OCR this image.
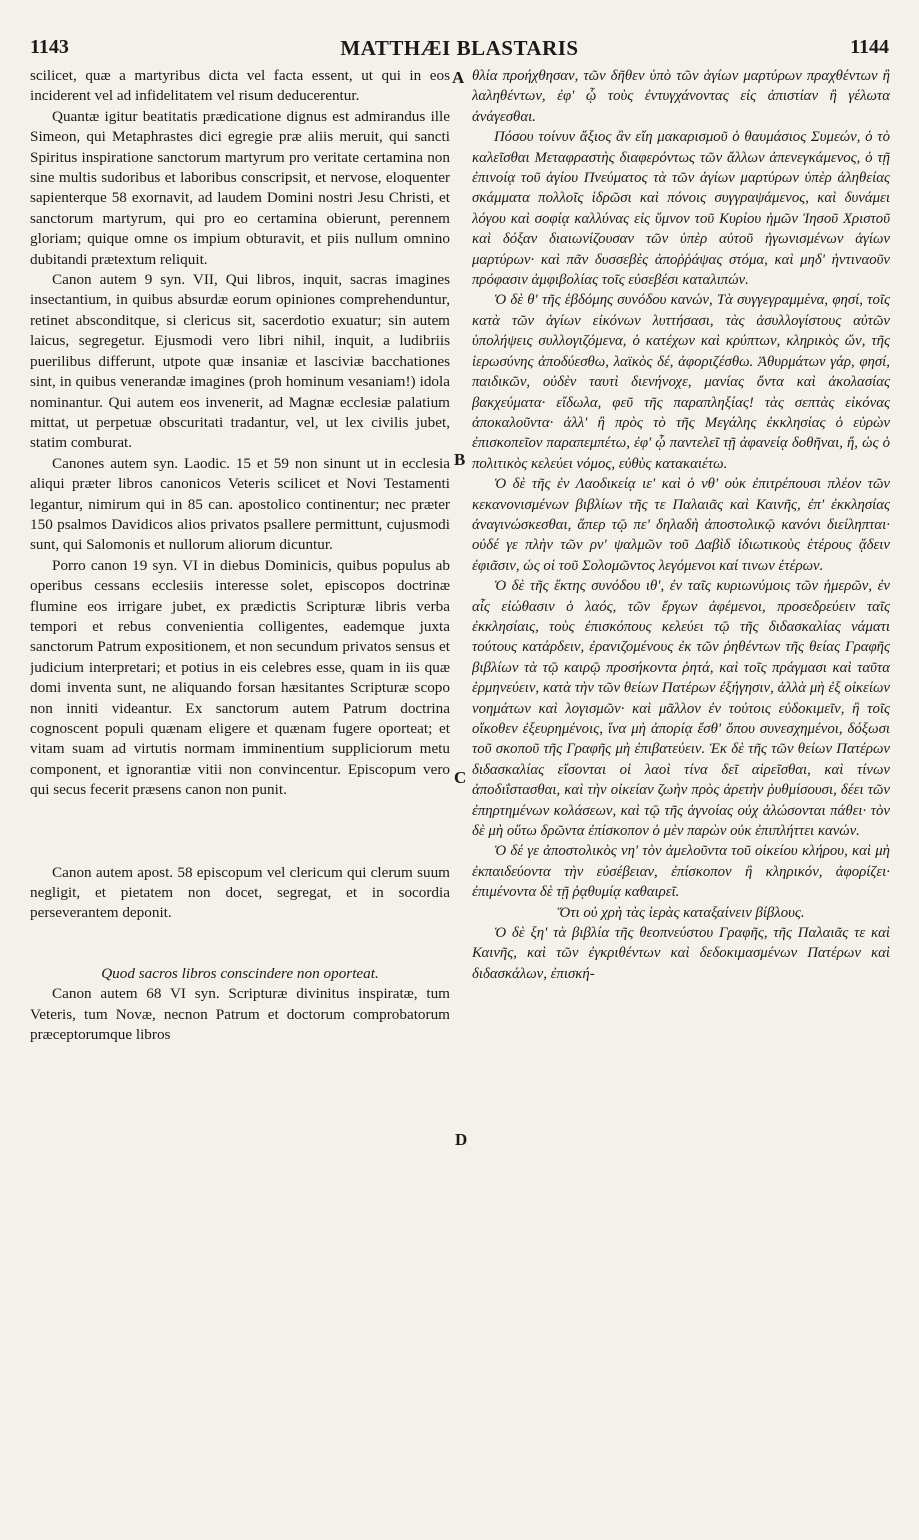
1143	MATTHÆI BLASTARIS	1144
A
B
C
D

scilicet, quæ a martyribus dicta vel facta essent, ut qui in eos inciderent vel ad infidelitatem vel risum deducerentur.

Quantæ igitur beatitatis prædicatione dignus est admirandus ille Simeon, qui Metaphrastes dici egregie præ aliis meruit, qui sancti Spiritus inspiratione sanctorum martyrum pro veritate certamina non sine multis sudoribus et laboribus conscripsit, et nervose, eloquenter sapienterque 58 exornavit, ad laudem Domini nostri Jesu Christi, et sanctorum martyrum, qui pro eo certamina obierunt, perennem gloriam; quique omne os impium obturavit, et piis nullum omnino dubitandi prætextum reliquit.

Canon autem 9 syn. VII, Qui libros, inquit, sacras imagines insectantium, in quibus absurdæ eorum opiniones comprehenduntur, retinet absconditque, si clericus sit, sacerdotio exuatur; sin autem laicus, segregetur. Ejusmodi vero libri nihil, inquit, a ludibriis puerilibus differunt, utpote quæ insaniæ et lasciviæ bacchationes sint, in quibus venerandæ imagines (proh hominum vesaniam!) idola nominantur. Qui autem eos invenerit, ad Magnæ ecclesiæ palatium mittat, ut perpetuæ obscuritati tradantur, vel, ut lex civilis jubet, statim comburat.

Canones autem syn. Laodic. 15 et 59 non sinunt ut in ecclesia aliqui præter libros canonicos Veteris scilicet et Novi Testamenti legantur, nimirum qui in 85 can. apostolico continentur; nec præter 150 psalmos Davidicos alios privatos psallere permittunt, cujusmodi sunt, qui Salomonis et nullorum aliorum dicuntur.

Porro canon 19 syn. VI in diebus Dominicis, quibus populus ab operibus cessans ecclesiis interesse solet, episcopos doctrinæ flumine eos irrigare jubet, ex prædictis Scripturæ libris verba tempori et rebus convenientia colligentes, eademque juxta sanctorum Patrum expositionem, et non secundum privatos sensus et judicium interpretari; et potius in eis celebres esse, quam in iis quæ domi inventa sunt, ne aliquando forsan hæsitantes Scripturæ scopo non inniti videantur. Ex sanctorum autem Patrum doctrina cognoscent populi quænam eligere et quænam fugere oporteat; et vitam suam ad virtutis normam imminentium suppliciorum metu component, et ignorantiæ vitii non convincentur. Episcopum vero qui secus fecerit præsens canon non punit.

Canon autem apost. 58 episcopum vel clericum qui clerum suum negligit, et pietatem non docet, segregat, et in socordia perseverantem deponit.

Quod sacros libros conscindere non oporteat.

Canon autem 68 VI syn. Scripturæ divinitus inspiratæ, tum Veteris, tum Novæ, necnon Patrum et doctorum comprobatorum præceptorumque libros

θλία προήχθησαν, τῶν δῆθεν ὑπὸ τῶν ἁγίων μαρτύρων πραχθέντων ἢ λαληθέντων, ἐφ' ᾧ τοὺς ἐντυγχάνοντας εἰς ἀπιστίαν ἢ γέλωτα ἀνάγεσθαι.

Πόσου τοίνυν ἄξιος ἂν εἴη μακαρισμοῦ ὁ θαυμάσιος Συμεών, ὁ τὸ καλεῖσθαι Μεταφραστὴς διαφερόντως τῶν ἄλλων ἀπενεγκάμενος, ὁ τῇ ἐπινοίᾳ τοῦ ἁγίου Πνεύματος τὰ τῶν ἁγίων μαρτύρων ὑπὲρ ἀληθείας σκάμματα πολλοῖς ἱδρῶσι καὶ πόνοις συγγραψάμενος, καὶ δυνάμει λόγου καὶ σοφίᾳ καλλύνας εἰς ὕμνον τοῦ Κυρίου ἡμῶν Ἰησοῦ Χριστοῦ καὶ δόξαν διαιωνίζουσαν τῶν ὑπὲρ αὐτοῦ ἠγωνισμένων ἁγίων μαρτύρων· καὶ πᾶν δυσσεβὲς ἀποῤῥάψας στόμα, καὶ μηδ' ἡντιναοῦν πρόφασιν ἀμφιβολίας τοῖς εὐσεβέσι καταλιπών.

Ὁ δὲ θ' τῆς ἑβδόμης συνόδου κανών, Τὰ συγγεγραμμένα, φησί, τοῖς κατὰ τῶν ἁγίων εἰκόνων λυττήσασι, τὰς ἀσυλλογίστους αὐτῶν ὑπολήψεις συλλογιζόμενα, ὁ κατέχων καὶ κρύπτων, κληρικὸς ὤν, τῆς ἱερωσύνης ἀποδύεσθω, λαϊκὸς δέ, ἀφοριζέσθω. Ἀθυρμάτων γάρ, φησί, παιδικῶν, οὐδὲν ταυτὶ διενήνοχε, μανίας ὄντα καὶ ἀκολασίας βακχεύματα· εἴδωλα, φεῦ τῆς παραπληξίας! τὰς σεπτὰς εἰκόνας ἀποκαλοῦντα· ἀλλ' ἢ πρὸς τὸ τῆς Μεγάλης ἐκκλησίας ὁ εὑρὼν ἐπισκοπεῖον παραπεμπέτω, ἐφ' ᾧ παντελεῖ τῇ ἀφανείᾳ δοθῆναι, ἤ, ὡς ὁ πολιτικὸς κελεύει νόμος, εὐθὺς κατακαιέτω.

Ὁ δὲ τῆς ἐν Λαοδικείᾳ ιε' καὶ ὁ νθ' οὐκ ἐπιτρέπουσι πλέον τῶν κεκανονισμένων βιβλίων τῆς τε Παλαιᾶς καὶ Καινῆς, ἐπ' ἐκκλησίας ἀναγινώσκεσθαι, ἅπερ τῷ πε' δηλαδὴ ἀποστολικῷ κανόνι διείληπται· οὐδέ γε πλὴν τῶν ρν' ψαλμῶν τοῦ Δαβὶδ ἰδιωτικοὺς ἑτέρους ᾄδειν ἐφιᾶσιν, ὡς οἱ τοῦ Σολομῶντος λεγόμενοι καί τινων ἑτέρων.

Ὁ δὲ τῆς ἕκτης συνόδου ιθ', ἐν ταῖς κυριωνύμοις τῶν ἡμερῶν, ἐν αἷς εἰώθασιν ὁ λαός, τῶν ἔργων ἀφέμενοι, προσεδρεύειν ταῖς ἐκκλησίαις, τοὺς ἐπισκόπους κελεύει τῷ τῆς διδασκαλίας νάματι τούτους κατάρδειν, ἐρανιζομένους ἐκ τῶν ῥηθέντων τῆς θείας Γραφῆς βιβλίων τὰ τῷ καιρῷ προσήκοντα ῥητά, καὶ τοῖς πράγμασι καὶ ταῦτα ἑρμηνεύειν, κατὰ τὴν τῶν θείων Πατέρων ἐξήγησιν, ἀλλὰ μὴ ἐξ οἰκείων νοημάτων καὶ λογισμῶν· καὶ μᾶλλον ἐν τούτοις εὐδοκιμεῖν, ἢ τοῖς οἴκοθεν ἐξευρημένοις, ἵνα μὴ ἀπορίᾳ ἔσθ' ὅπου συνεσχημένοι, δόξωσι τοῦ σκοποῦ τῆς Γραφῆς μὴ ἐπιβατεύειν. Ἐκ δὲ τῆς τῶν θείων Πατέρων διδασκαλίας εἴσονται οἱ λαοὶ τίνα δεῖ αἱρεῖσθαι, καὶ τίνων ἀποδιΐστασθαι, καὶ τὴν οἰκείαν ζωὴν πρὸς ἀρετὴν ῥυθμίσουσι, δέει τῶν ἐπηρτημένων κολάσεων, καὶ τῷ τῆς ἀγνοίας οὐχ ἁλώσονται πάθει· τὸν δὲ μὴ οὕτω δρῶντα ἐπίσκοπον ὁ μὲν παρὼν οὐκ ἐπιπλήττει κανών.

Ὁ δέ γε ἀποστολικὸς νη' τὸν ἀμελοῦντα τοῦ οἰκείου κλήρου, καὶ μὴ ἐκπαιδεύοντα τὴν εὐσέβειαν, ἐπίσκοπον ἢ κληρικόν, ἀφορίζει· ἐπιμένοντα δὲ τῇ ῥᾳθυμίᾳ καθαιρεῖ.

Ὅτι οὐ χρὴ τὰς ἱερὰς καταξαίνειν βίβλους.

Ὁ δὲ ξη' τὰ βιβλία τῆς θεοπνεύστου Γραφῆς, τῆς Παλαιᾶς τε καὶ Καινῆς, καὶ τῶν ἐγκριθέντων καὶ δεδοκιμασμένων Πατέρων καὶ διδασκάλων, ἐπισκή-
